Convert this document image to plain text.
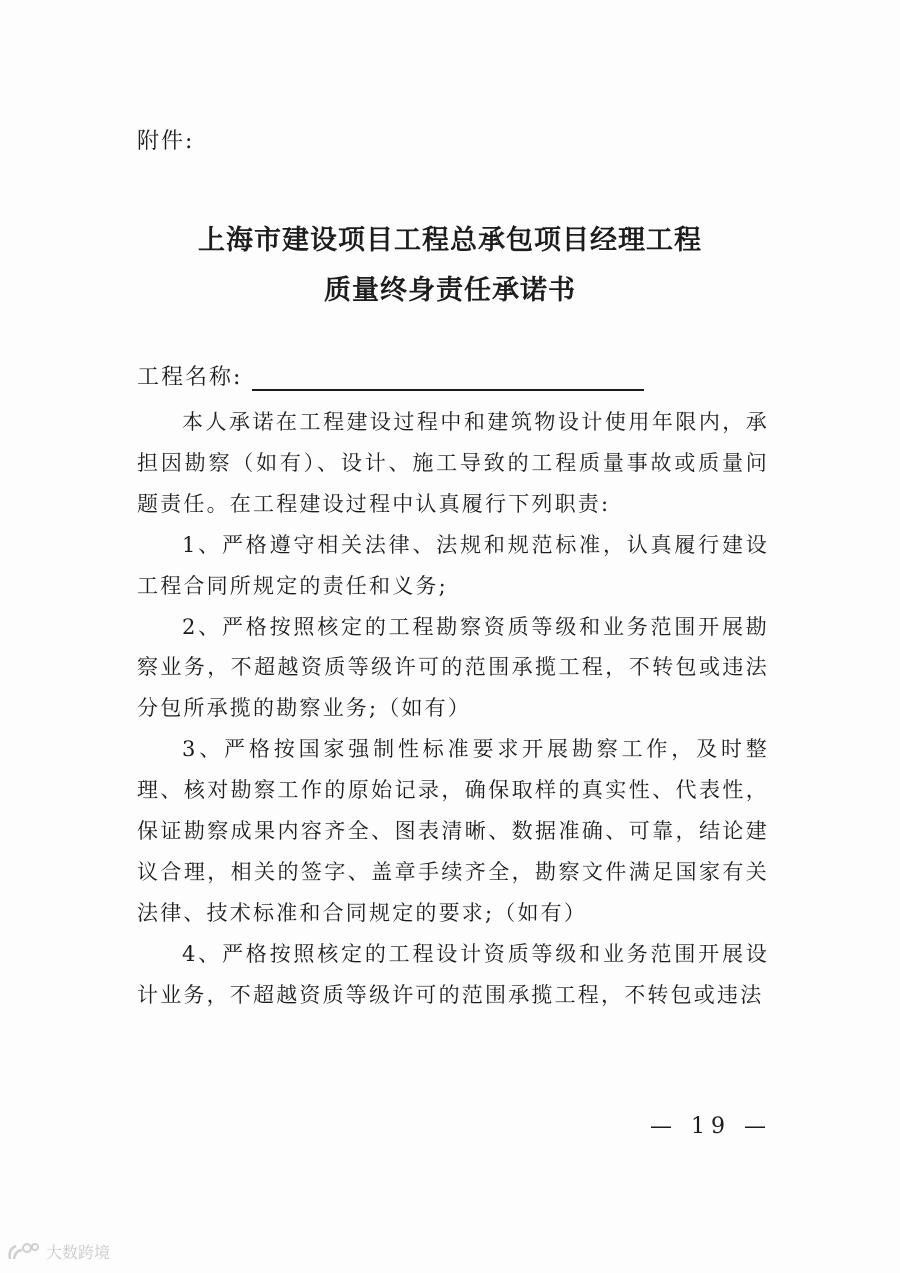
附件:

上海市建设项目工程总承包项目经理工程
质量终身责任承诺书
工程名称:

本人承诺在工程建设过程中和建筑物设计使用年限内，承担因勘察（如有）、设计、施工导致的工程质量事故或质量问题责任。在工程建设过程中认真履行下列职责:

1、严格遵守相关法律、法规和规范标准，认真履行建设工程合同所规定的责任和义务;

2、严格按照核定的工程勘察资质等级和业务范围开展勘察业务，不超越资质等级许可的范围承揽工程，不转包或违法分包所承揽的勘察业务;（如有）

3、严格按国家强制性标准要求开展勘察工作，及时整理、核对勘察工作的原始记录，确保取样的真实性、代表性，保证勘察成果内容齐全、图表清晰、数据准确、可靠，结论建议合理，相关的签字、盖章手续齐全，勘察文件满足国家有关法律、技术标准和合同规定的要求;（如有）

4、严格按照核定的工程设计资质等级和业务范围开展设计业务，不超越资质等级许可的范围承揽工程，不转包或违法

— 19 —
大数跨境
